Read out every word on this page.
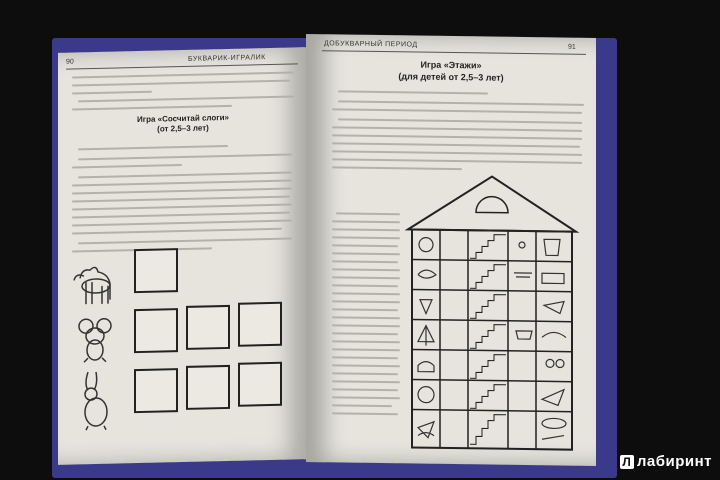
90	БУКВАРИК-ИГРАЛИК
Игра «Сосчитай слоги»
(от 2,5–3 лет)
ДОБУКВАРНЫЙ ПЕРИОД	91
Игра «Этажи»
(для детей от 2,5–3 лет)
Л лабиринт
